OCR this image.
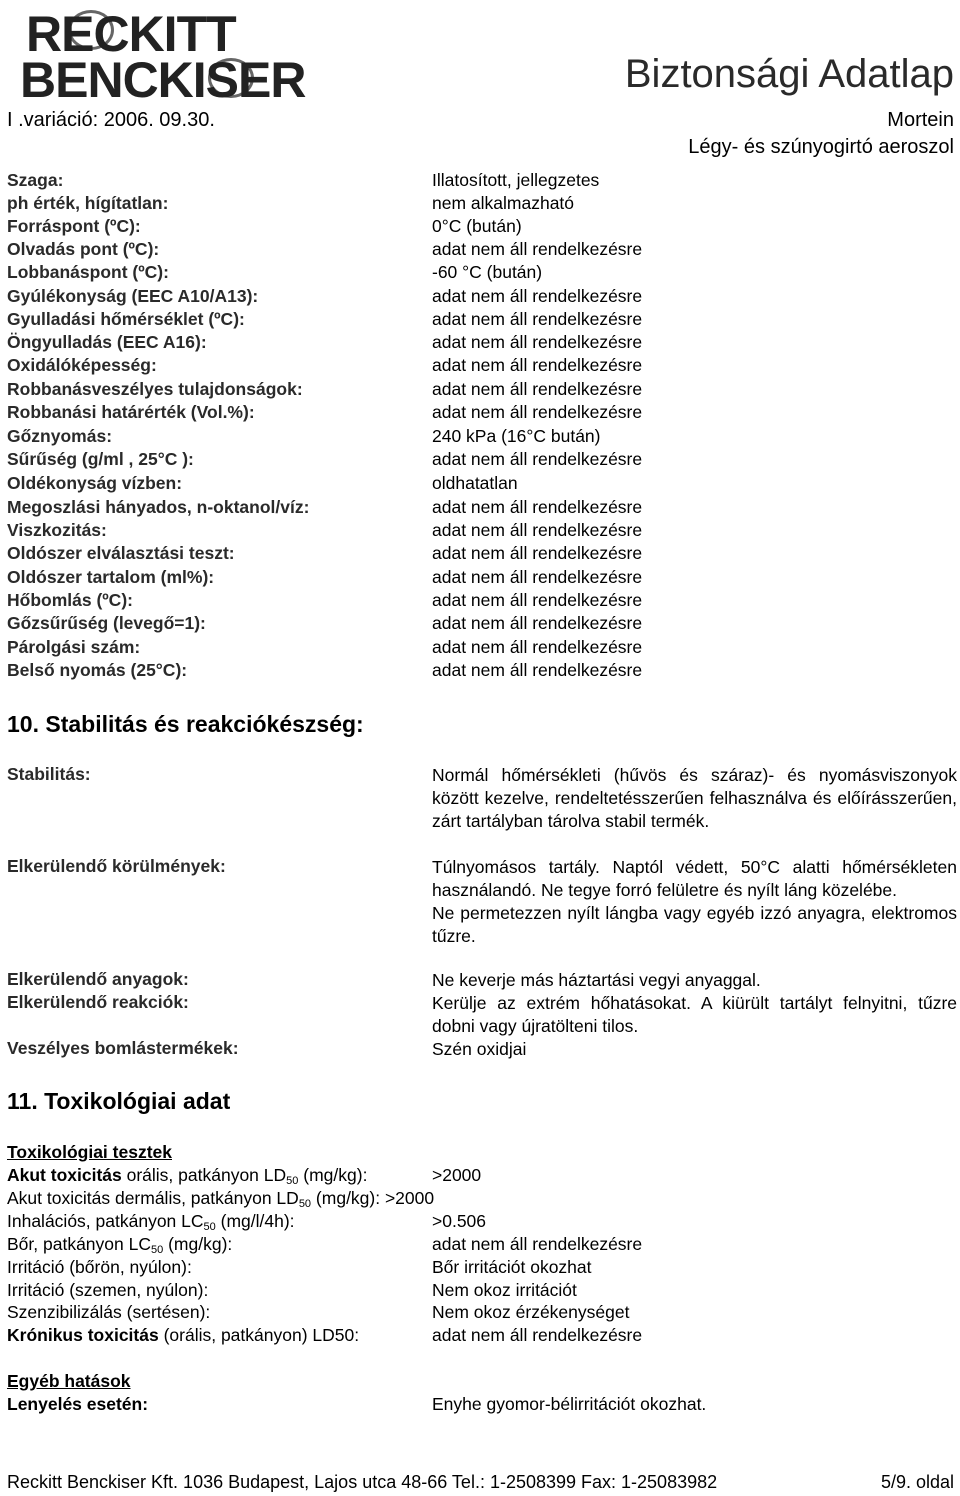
RECKITT
BENCKISER	Biztonsági Adatlap
I .variáció: 2006. 09.30.	Mortein
Légy- és szúnyogirtó aeroszol
Szaga:	Illatosított, jellegzetes
ph érték, hígítatlan:	nem alkalmazható
Forráspont (ºC):	0°C (bután)
Olvadás pont (ºC):	adat nem áll rendelkezésre
Lobbanáspont (ºC):	-60 °C (bután)
Gyúlékonyság (EEC A10/A13):	adat nem áll rendelkezésre
Gyulladási hőmérséklet (ºC):	adat nem áll rendelkezésre
Öngyulladás (EEC A16):	adat nem áll rendelkezésre
Oxidálóképesség:	adat nem áll rendelkezésre
Robbanásveszélyes tulajdonságok:	adat nem áll rendelkezésre
Robbanási határérték (Vol.%):	adat nem áll rendelkezésre
Gőznyomás:	240 kPa (16°C bután)
Sűrűség (g/ml , 25°C ):	adat nem áll rendelkezésre
Oldékonyság vízben:	oldhatatlan
Megoszlási hányados, n-oktanol/víz:	adat nem áll rendelkezésre
Viszkozitás:	adat nem áll rendelkezésre
Oldószer elválasztási teszt:	adat nem áll rendelkezésre
Oldószer tartalom (ml%):	adat nem áll rendelkezésre
Hőbomlás (ºC):	adat nem áll rendelkezésre
Gőzsűrűség (levegő=1):	adat nem áll rendelkezésre
Párolgási szám:	adat nem áll rendelkezésre
Belső nyomás (25°C):	adat nem áll rendelkezésre
10. Stabilitás és reakciókészség:
Stabilitás:	Normál hőmérsékleti (hűvös és száraz)- és nyomásviszonyok között kezelve, rendeltetésszerűen felhasználva és előírásszerűen, zárt tartályban tárolva stabil termék.

Elkerülendő körülmények:	Túlnyomásos tartály. Naptól védett, 50°C alatti hőmérsékleten használandó. Ne tegye forró felületre és nyílt láng közelébe.

Ne permetezzen nyílt lángba vagy egyéb izzó anyagra, elektromos tűzre.

Elkerülendő anyagok:	Ne keverje más háztartási vegyi anyaggal.

Elkerülendő reakciók:	Kerülje az extrém hőhatásokat. A kiürült tartályt felnyitni, tűzre dobni vagy újratölteni tilos.

Veszélyes bomlástermékek:	Szén oxidjai

11. Toxikológiai adat
Toxikológiai tesztek
Akut toxicitás orális, patkányon $LD_{50}$ (mg/kg):	>2000
Akut toxicitás dermális, patkányon $LD_{50}$ (mg/kg): >2000
Inhalációs, patkányon $LC_{50}$ (mg/l/4h):	>0.506
Bőr, patkányon $LC_{50}$ (mg/kg):	adat nem áll rendelkezésre
Irritáció (bőrön, nyúlon):	Bőr irritációt okozhat
Irritáció (szemen, nyúlon):	Nem okoz irritációt
Szenzibilizálás (sertésen):	Nem okoz érzékenységet
Krónikus toxicitás (orális, patkányon) LD50:	adat nem áll rendelkezésre
Egyéb hatások
Lenyelés esetén:	Enyhe gyomor-bélirritációt okozhat.
Reckitt Benckiser Kft. 1036 Budapest, Lajos utca 48-66 Tel.: 1-2508399 Fax: 1-25083982	5/9. oldal
